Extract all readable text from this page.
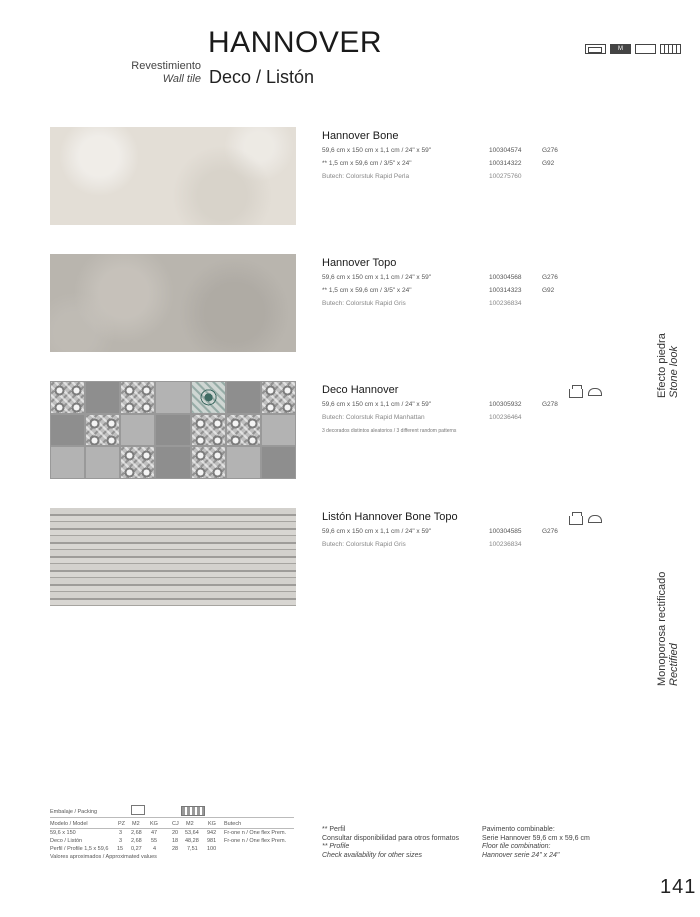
Revestimiento
Wall tile
HANNOVER
Deco / Listón
M
Hannover Bone
59,6 cm x 150 cm x 1,1 cm / 24" x 59"	100304574	G276
** 1,5 cm x 59,6 cm / 3/5" x 24"	100314322	G92
Butech: Colorstuk Rapid Perla	100275760
Hannover Topo
59,6 cm x 150 cm x 1,1 cm / 24" x 59"	100304568	G276
** 1,5 cm x 59,6 cm / 3/5" x 24"	100314323	G92
Butech: Colorstuk Rapid Gris	100236834
Deco Hannover
59,6 cm x 150 cm x 1,1 cm / 24" x 59"	100305932	G278
Butech: Colorstuk Rapid Manhattan	100236464
3 decorados distintos aleatorios / 3 different random patterns
Listón Hannover Bone Topo
59,6 cm x 150 cm x 1,1 cm / 24" x 59"	100304585	G276
Butech: Colorstuk Rapid Gris	100236834
Efecto piedra Stone look
Monoporosa rectificado Rectified
Embalaje / Packing
Modelo / Model	PZ M2 KG	CJ M2	KG Butech
59,6 x 150	3 2,68 47	20 53,64 942 Fr-one n / One flex Prem.
Deco / Listón	3 2,68 55	18 48,28 981 Fr-one n / One flex Prem.
Perfil / Profile 1,5 x 59,6 15 0,27 4	28 7,51 100
Valores aproximados / Approximated values
** Perfil
Consultar disponibilidad para otros formatos
** Profile
Check availability for other sizes
Pavimento combinable:
Serie Hannover 59,6 cm x 59,6 cm
Floor tile combination:
Hannover serie 24" x 24"
141
